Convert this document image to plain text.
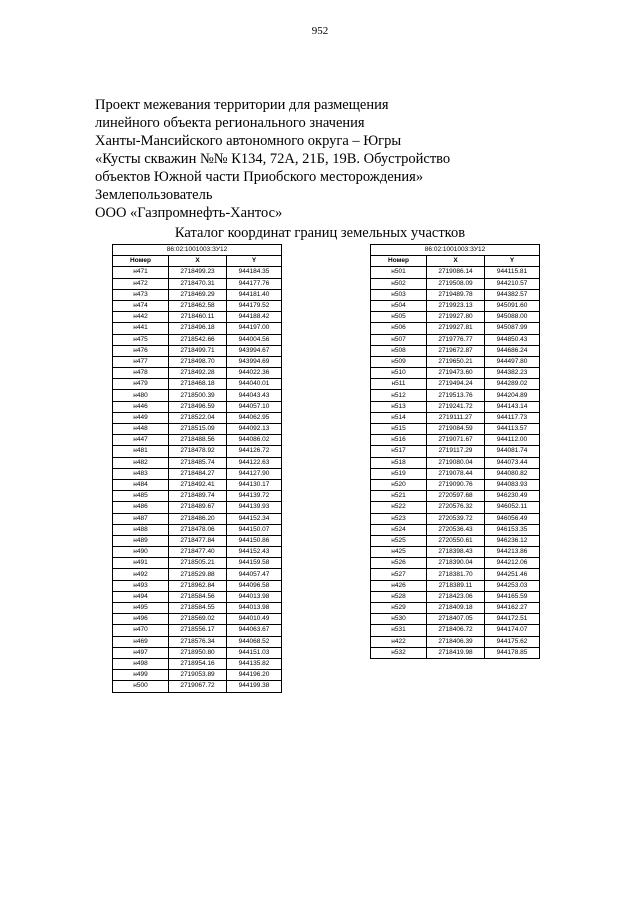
952
Проект межевания территории для размещения
линейного объекта регионального значения
Ханты-Мансийского автономного округа – Югры
«Кусты скважин №№ К134, 72А, 21Б, 19В. Обустройство
объектов Южной части Приобского месторождения»
Землепользователь
ООО «Газпромнефть-Хантос»
Каталог координат границ земельных участков
86:02:1001003:ЗУ12		
Номер	X	Y
н471	2718499.23	944184.35
н472	2718470.31	944177.76
н473	2718469.29	944181.40
н474	2718462.58	944179.52
н442	2718460.11	944188.42
н441	2718496.18	944197.00
н475	2718542.66	944004.56
н476	2718499.71	943994.67
н477	2718498.70	943994.69
н478	2718492.28	944022.36
н479	2718468.18	944040.01
н480	2718500.39	944043.43
н446	2718496.59	944057.10
н449	2718522.04	944062.95
н448	2718515.09	944092.13
н447	2718488.56	944086.02
н481	2718478.92	944126.72
н482	2718485.74	944122.63
н483	2718484.27	944127.90
н484	2718492.41	944130.17
н485	2718489.74	944139.72
н486	2718489.67	944139.93
н487	2718486.20	944152.34
н488	2718478.06	944150.07
н489	2718477.84	944150.86
н490	2718477.40	944152.43
н491	2718505.21	944159.58
н492	2718529.88	944057.47
н493	2718962.84	944096.58
н494	2718584.56	944013.98
н495	2718584.55	944013.98
н496	2718569.02	944010.49
н470	2718556.17	944063.67
н469	2718576.34	944068.52
н497	2718950.80	944151.03
н498	2718954.16	944135.82
н499	2719053.89	944196.20
н500	2719067.72	944199.38
86:02:1001003:ЗУ12		
Номер	X	Y
н501	2719086.14	944115.81
н502	2719508.09	944210.57
н503	2719489.78	944382.57
н504	2719923.13	945091.60
н505	2719927.80	945088.00
н506	2719927.81	945087.99
н507	2719776.77	944850.43
н508	2719672.87	944686.24
н509	2719650.21	944497.80
н510	2719473.60	944382.23
н511	2719494.24	944289.02
н512	2719513.76	944204.89
н513	2719241.72	944143.14
н514	2719111.27	944117.73
н515	2719084.59	944113.57
н516	2719071.67	944112.00
н517	2719117.29	944081.74
н518	2719080.04	944073.44
н519	2719078.44	944080.82
н520	2719090.76	944083.93
н521	2720597.68	946230.49
н522	2720576.32	946052.11
н523	2720539.72	946056.49
н524	2720536.43	946153.35
н525	2720550.61	946236.12
н425	2718398.43	944213.86
н526	2718390.04	944212.06
н527	2718381.70	944251.46
н426	2718389.11	944253.03
н528	2718423.06	944165.59
н529	2718409.18	944162.27
н530	2718407.05	944172.51
н531	2718406.72	944174.07
н422	2718406.39	944175.62
н532	2718419.98	944178.85
